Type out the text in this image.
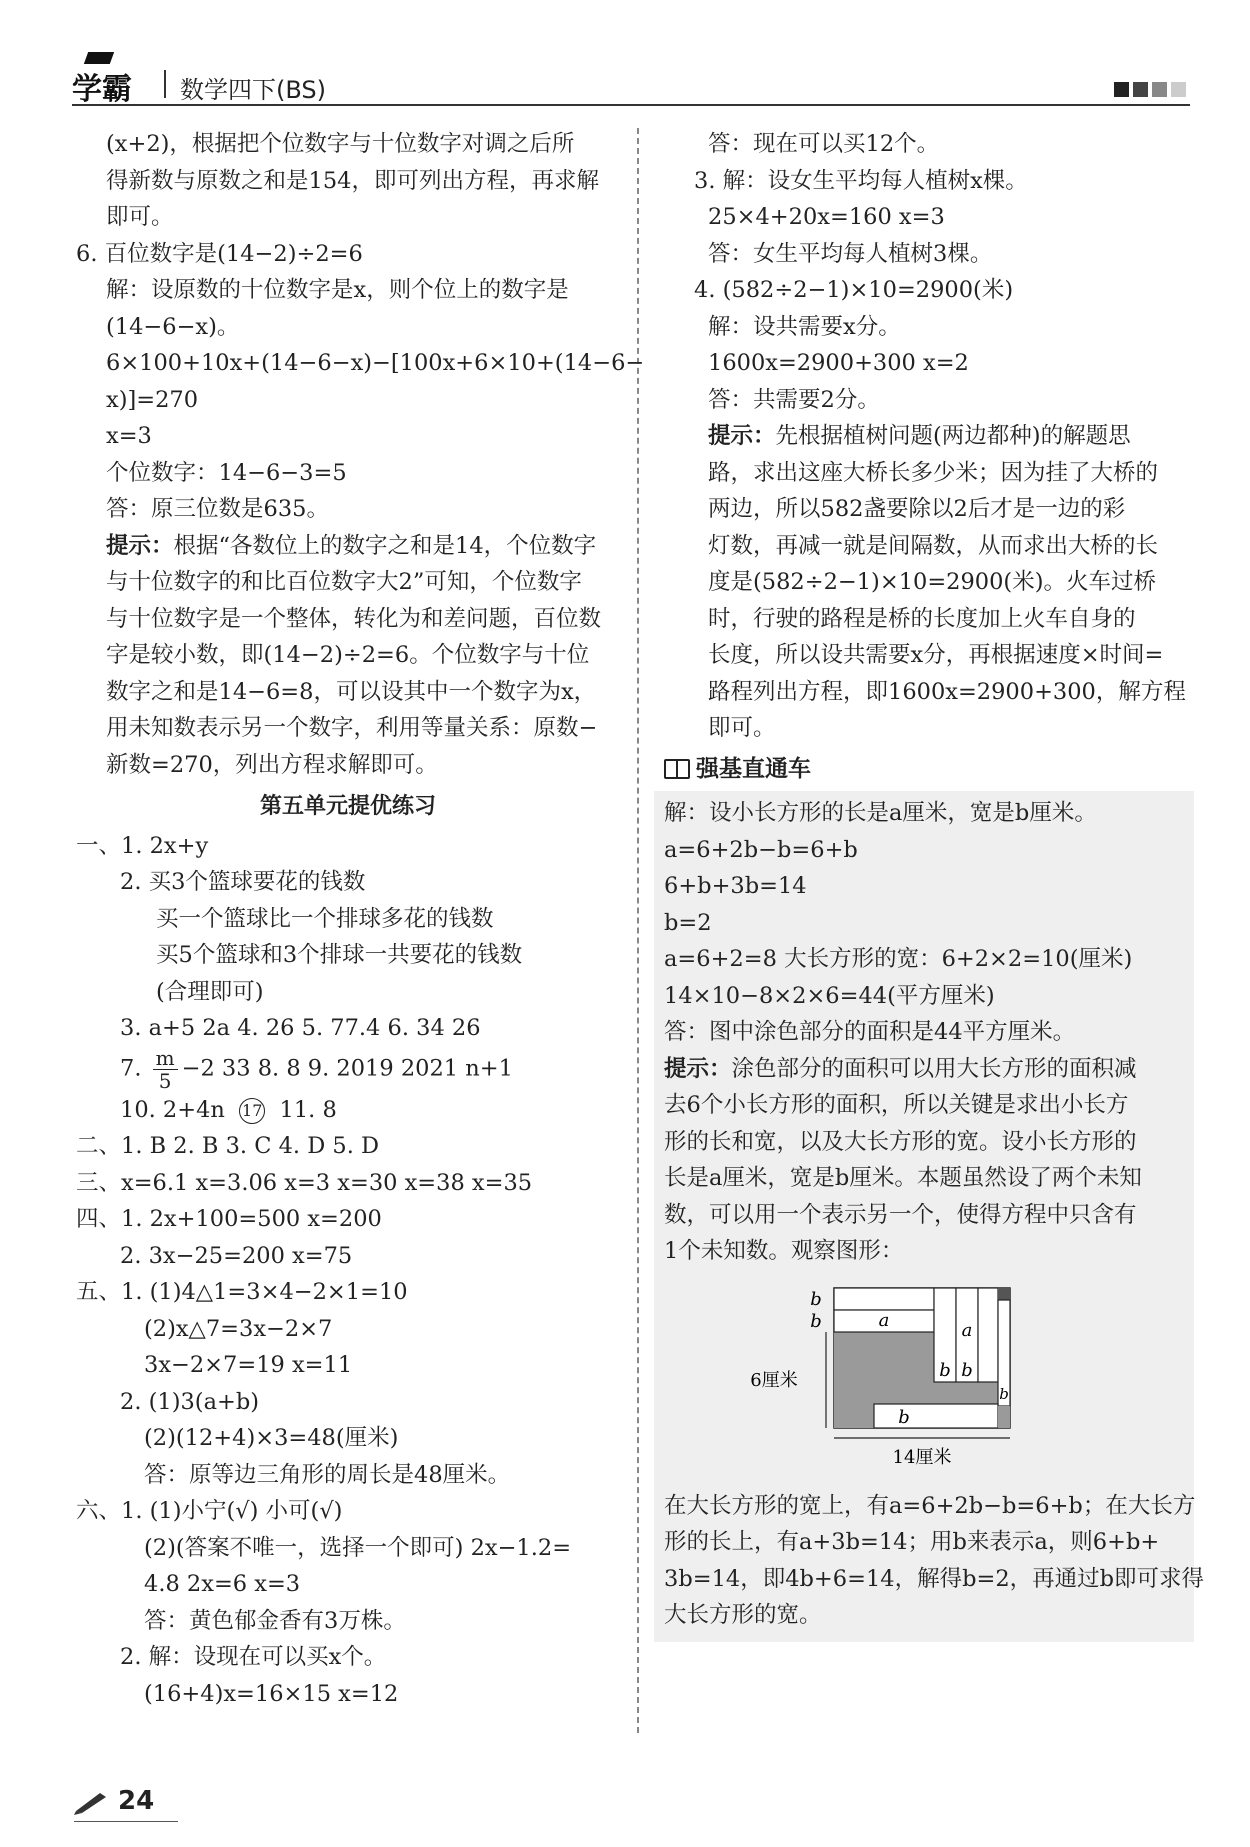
学霸 数学四下(BS)
(x+2)，根据把个位数字与十位数字对调之后所
得新数与原数之和是154，即可列出方程，再求解
即可。
6. 百位数字是(14−2)÷2=6
解：设原数的十位数字是x，则个位上的数字是
(14−6−x)。
6×100+10x+(14−6−x)−[100x+6×10+(14−6−
x)]=270
x=3
个位数字：14−6−3=5
答：原三位数是635。
提示：根据“各数位上的数字之和是14，个位数字
与十位数字的和比百位数字大2”可知，个位数字
与十位数字是一个整体，转化为和差问题，百位数
字是较小数，即(14−2)÷2=6。个位数字与十位
数字之和是14−6=8，可以设其中一个数字为x，
用未知数表示另一个数字，利用等量关系：原数−
新数=270，列出方程求解即可。
第五单元提优练习
一、1. 2x+y
2. 买3个篮球要花的钱数
买一个篮球比一个排球多花的钱数
买5个篮球和3个排球一共要花的钱数
(合理即可)
3. a+5 2a 4. 26 5. 77.4 6. 34 26
7. $\frac{m}{5} -2$ 33 8. 8 9. 2019 2021 n+1
10. 2+4n 17 11. 8
二、1. B 2. B 3. C 4. D 5. D
三、x=6.1 x=3.06 x=3 x=30 x=38 x=35
四、1. 2x+100=500 x=200
2. 3x−25=200 x=75
五、1. (1)4△1=3×4−2×1=10
(2)x△7=3x−2×7
3x−2×7=19 x=11
2. (1)3(a+b)
(2)(12+4)×3=48(厘米)
答：原等边三角形的周长是48厘米。
六、1. (1)小宁(√) 小可(√)
(2)(答案不唯一，选择一个即可) 2x−1.2=
4.8 2x=6 x=3
答：黄色郁金香有3万株。
2. 解：设现在可以买x个。
(16+4)x=16×15 x=12
答：现在可以买12个。
3. 解：设女生平均每人植树x棵。
25×4+20x=160 x=3
答：女生平均每人植树3棵。
4. (582÷2−1)×10=2900(米)
解：设共需要x分。
1600x=2900+300 x=2
答：共需要2分。
提示：先根据植树问题(两边都种)的解题思
路，求出这座大桥长多少米；因为挂了大桥的
两边，所以582盏要除以2后才是一边的彩
灯数，再减一就是间隔数，从而求出大桥的长
度是(582÷2−1)×10=2900(米)。火车过桥
时，行驶的路程是桥的长度加上火车自身的
长度，所以设共需要x分，再根据速度×时间=
路程列出方程，即1600x=2900+300，解方程
即可。
强基直通车
解：设小长方形的长是a厘米，宽是b厘米。
a=6+2b−b=6+b
6+b+3b=14
b=2
a=6+2=8 大长方形的宽：6+2×2=10(厘米)
14×10−8×2×6=44(平方厘米)
答：图中涂色部分的面积是44平方厘米。
提示：涂色部分的面积可以用大长方形的面积减
去6个小长方形的面积，所以关键是求出小长方
形的长和宽，以及大长方形的宽。设小长方形的
长是a厘米，宽是b厘米。本题虽然设了两个未知
数，可以用一个表示另一个，使得方程中只含有
1个未知数。观察图形：
b
b	a	a
b b
b
b
6厘米
14厘米
在大长方形的宽上，有a=6+2b−b=6+b；在大长方
形的长上，有a+3b=14；用b来表示a，则6+b+
3b=14，即4b+6=14，解得b=2，再通过b即可求得
大长方形的宽。
24
